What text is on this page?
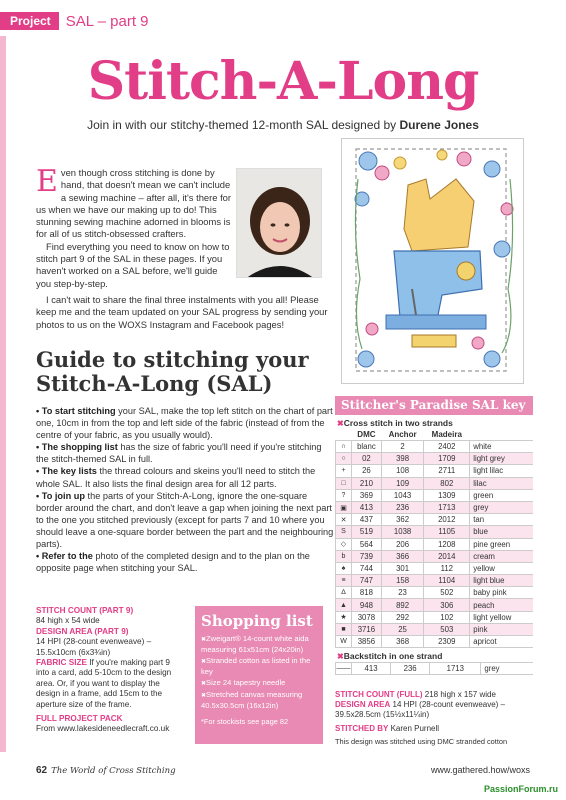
Project	SAL – part 9
Stitch-A-Long
Join in with our stitchy-themed 12-month SAL designed by Durene Jones
E ven though cross stitching is done by hand, that doesn't mean we can't include a sewing machine – after all, it's there for us when we have our making up to do! This stunning sewing machine adorned in blooms is for all of us stitch-obsessed crafters.

Find everything you need to know on how to stitch part 9 of the SAL in these pages. If you haven't worked on a SAL before, we'll guide you step-by-step.

I can't wait to share the final three instalments with you all! Please keep me and the team updated on your SAL progress by sending your photos to us on the WOXS Instagram and Facebook pages!

Guide to stitching your
Stitch-A-Long (SAL)

• To start stitching your SAL, make the top left stitch on the chart of part one, 10cm in from the top and left side of the fabric (instead of from the centre of your fabric, as you usually would).

• The shopping list has the size of fabric you'll need if you're stitching the stitch-themed SAL in full.

• The key lists the thread colours and skeins you'll need to stitch the whole SAL. It also lists the final design area for all 12 parts.

• To join up the parts of your Stitch-A-Long, ignore the one-square border around the chart, and don't leave a gap when joining the next part to the one you stitched previously (except for parts 7 and 10 where you should leave a one-square border between the part and the neighbouring parts).

• Refer to the photo of the completed design and to the plan on the opposite page when stitching your SAL.

STITCH COUNT (PART 9)
84 high x 54 wide
DESIGN AREA (PART 9)
14 HPI (28-count evenweave) – 15.5x10cm (6x3¾in)
FABRIC SIZE If you're making part 9 into a card, add 5-10cm to the design area. Or, if you want to display the design in a frame, add 15cm to the aperture size of the frame.
FULL PROJECT PACK
From www.lakesideneedlecraft.co.uk
Shopping list
✖ Zweigart® 14-count white aida measuring 61x51cm (24x20in)
✖ Stranded cotton as listed in the key
✖ Size 24 tapestry needle
✖ Stretched canvas measuring 40.5x30.5cm (16x12in)
*For stockists see page 82
Stitcher's Paradise SAL key
✖ Cross stitch in two strands
	DMC	Anchor	Madeira	
∩	blanc	2	2402	white
○	02	398	1709	light grey
+	26	108	2711	light lilac
□	210	109	802	lilac
?	369	1043	1309	green
▣	413	236	1713	grey
✕	437	362	2012	tan
S	519	1038	1105	blue
◇	564	206	1208	pine green
b	739	366	2014	cream
♠	744	301	112	yellow
≡	747	158	1104	light blue
∆	818	23	502	baby pink
▲	948	892	306	peach
★	3078	292	102	light yellow
■	3716	25	503	pink
W	3856	368	2309	apricot
✖ Backstitch in one strand
——	413	236	1713	grey
STITCH COUNT (FULL) 218 high x 157 wide
DESIGN AREA 14 HPI (28-count evenweave) – 39.5x28.5cm (15½x11¼in)
STITCHED BY Karen Purnell
This design was stitched using DMC stranded cotton
62 The World of Cross Stitching	www.gathered.how/woxs
PassionForum.ru
